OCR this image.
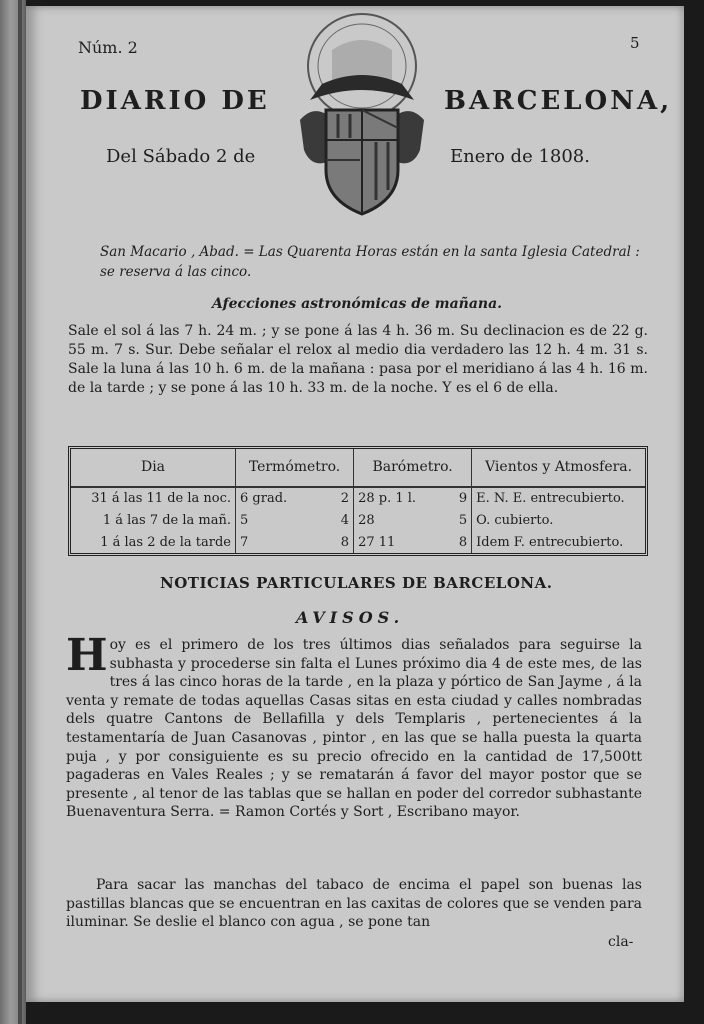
Núm. 2	5
DIARIO DE	BARCELONA,
Del Sábado 2 de	Enero de 1808.
San Macario , Abad. = Las Quarenta Horas están en la santa Iglesia Catedral : se reserva á las cinco.
Afecciones astronómicas de mañana.
Sale el sol á las 7 h. 24 m. ; y se pone á las 4 h. 36 m. Su declinacion es de 22 g. 55 m. 7 s. Sur. Debe señalar el relox al medio dia verdadero las 12 h. 4 m. 31 s. Sale la luna á las 10 h. 6 m. de la mañana : pasa por el meridiano á las 4 h. 16 m. de la tarde ; y se pone á las 10 h. 33 m. de la noche. Y es el 6 de ella.
Dia	Termómetro.		Barómetro.		Vientos y Atmosfera.
31 á las 11 de la noc.	6 grad.	2	28 p. 1 l.	9	E. N. E. entrecubierto.
1 á las 7 de la mañ.	5	4	28	5	O. cubierto.
1 á las 2 de la tarde	7	8	27 11	8	Idem F. entrecubierto.
NOTICIAS PARTICULARES DE BARCELONA.
AVISOS.
H oy es el primero de los tres últimos dias señalados para seguirse la subhasta y procederse sin falta el Lunes próximo dia 4 de este mes, de las tres á las cinco horas de la tarde , en la plaza y pórtico de San Jayme , á la venta y remate de todas aquellas Casas sitas en esta ciudad y calles nombradas dels quatre Cantons de Bellafilla y dels Templaris , pertenecientes á la testamentaría de Juan Casanovas , pintor , en las que se halla puesta la quarta puja , y por consiguiente es su precio ofrecido en la cantidad de 17,500tt pagaderas en Vales Reales ; y se rematarán á favor del mayor postor que se presente , al tenor de las tablas que se hallan en poder del corredor subhastante Buenaventura Serra. = Ramon Cortés y Sort , Escribano mayor.
Para sacar las manchas del tabaco de encima el papel son buenas las pastillas blancas que se encuentran en las caxitas de colores que se venden para iluminar. Se deslie el blanco con agua , se pone tan
cla-
